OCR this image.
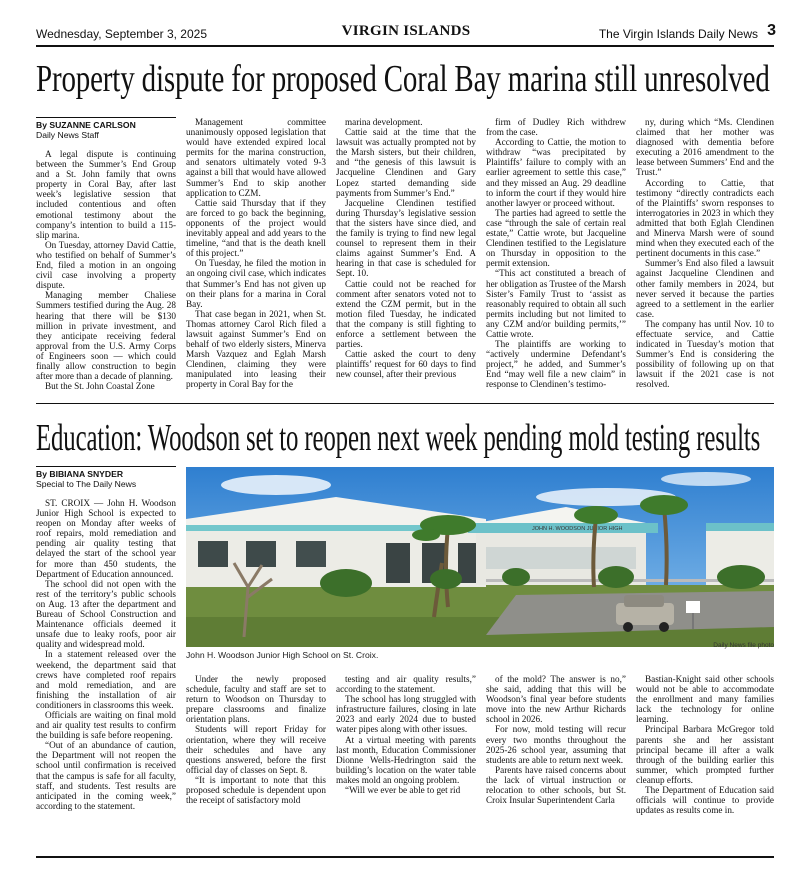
Wednesday, September 3, 2025	VIRGIN ISLANDS	The Virgin Islands Daily News 3
Property dispute for proposed Coral Bay marina still unresolved
By SUZANNE CARLSON
Daily News Staff

A legal dispute is continuing between the Summer’s End Group and a St. John family that owns property in Coral Bay, after last week’s legislative session that included contentious and often emotional testimony about the company’s intention to build a 115-slip marina.

On Tuesday, attorney David Cattie, who testified on behalf of Summer’s End, filed a motion in an ongoing civil case involving a property dispute.

Managing member Chaliese Summers testified during the Aug. 28 hearing that there will be $130 million in private investment, and they anticipate receiving federal approval from the U.S. Army Corps of Engineers soon — which could finally allow construction to begin after more than a decade of planning.

But the St. John Coastal Zone

Management committee unanimously opposed legislation that would have extended expired local permits for the marina construction, and senators ultimately voted 9-3 against a bill that would have allowed Summer’s End to skip another application to CZM.

Cattie said Thursday that if they are forced to go back the beginning, opponents of the project would inevitably appeal and add years to the timeline, “and that is the death knell of this project.”

On Tuesday, he filed the motion in an ongoing civil case, which indicates that Summer’s End has not given up on their plans for a marina in Coral Bay.

That case began in 2021, when St. Thomas attorney Carol Rich filed a lawsuit against Summer’s End on behalf of two elderly sisters, Minerva Marsh Vazquez and Eglah Marsh Clendinen, claiming they were manipulated into leasing their property in Coral Bay for the

marina development.

Cattie said at the time that the lawsuit was actually prompted not by the Marsh sisters, but their children, and “the genesis of this lawsuit is Jacqueline Clendinen and Gary Lopez started demanding side payments from Summer’s End.”

Jacqueline Clendinen testified during Thursday’s legislative session that the sisters have since died, and the family is trying to find new legal counsel to represent them in their claims against Summer’s End. A hearing in that case is scheduled for Sept. 10.

Cattie could not be reached for comment after senators voted not to extend the CZM permit, but in the motion filed Tuesday, he indicated that the company is still fighting to enforce a settlement between the parties.

Cattie asked the court to deny plaintiffs’ request for 60 days to find new counsel, after their previous

firm of Dudley Rich withdrew from the case.

According to Cattie, the motion to withdraw “was precipitated by Plaintiffs’ failure to comply with an earlier agreement to settle this case,” and they missed an Aug. 29 deadline to inform the court if they would hire another lawyer or proceed without.

The parties had agreed to settle the case “through the sale of certain real estate,” Cattie wrote, but Jacqueline Clendinen testified to the Legislature on Thursday in opposition to the permit extension.

“This act constituted a breach of her obligation as Trustee of the Marsh Sister’s Family Trust to ‘assist as reasonably required to obtain all such permits including but not limited to any CZM and/or building permits,’” Cattie wrote.

The plaintiffs are working to “actively undermine Defendant’s project,” he added, and Summer’s End “may well file a new claim” in response to Clendinen’s testimo-

ny, during which “Ms. Clendinen claimed that her mother was diagnosed with dementia before executing a 2016 amendment to the lease between Summers’ End and the Trust.”

According to Cattie, that testimony “directly contradicts each of the Plaintiffs’ sworn responses to interrogatories in 2023 in which they admitted that both Eglah Clendinen and Minerva Marsh were of sound mind when they executed each of the pertinent documents in this case.”

Summer’s End also filed a lawsuit against Jacqueline Clendinen and other family members in 2024, but never served it because the parties agreed to a settlement in the earlier case.

The company has until Nov. 10 to effectuate service, and Cattie indicated in Tuesday’s motion that Summer’s End is considering the possibility of following up on that lawsuit if the 2021 case is not resolved.

Education: Woodson set to reopen next week pending mold testing results
By BIBIANA SNYDER
Special to The Daily News

ST. CROIX — John H. Woodson Junior High School is expected to reopen on Monday after weeks of roof repairs, mold remediation and pending air quality testing that delayed the start of the school year for more than 450 students, the Department of Education announced.

The school did not open with the rest of the territory’s public schools on Aug. 13 after the department and Bureau of School Construction and Maintenance officials deemed it unsafe due to leaky roofs, poor air quality and widespread mold.

In a statement released over the weekend, the department said that crews have completed roof repairs and mold remediation, and are finishing the installation of air conditioners in classrooms this week.

Officials are waiting on final mold and air quality test results to confirm the building is safe before reopening.

“Out of an abundance of caution, the Department will not reopen the school until confirmation is received that the campus is safe for all faculty, staff, and students. Test results are anticipated in the coming week,” according to the statement.

JOHN H. WOODSON JUNIOR HIGH
Daily News file photo
John H. Woodson Junior High School on St. Croix.

Under the newly proposed schedule, faculty and staff are set to return to Woodson on Thursday to prepare classrooms and finalize orientation plans.

Students will report Friday for orientation, where they will receive their schedules and have any questions answered, before the first official day of classes on Sept. 8.

“It is important to note that this proposed schedule is dependent upon the receipt of satisfactory mold

testing and air quality results,” according to the statement.

The school has long struggled with infrastructure failures, closing in late 2023 and early 2024 due to busted water pipes along with other issues.

At a virtual meeting with parents last month, Education Commissioner Dionne Wells-Hedrington said the building’s location on the water table makes mold an ongoing problem.

“Will we ever be able to get rid

of the mold? The answer is no,” she said, adding that this will be Woodson’s final year before students move into the new Arthur Richards school in 2026.

For now, mold testing will recur every two months throughout the 2025-26 school year, assuming that students are able to return next week.

Parents have raised concerns about the lack of virtual instruction or relocation to other schools, but St. Croix Insular Superintendent Carla

Bastian-Knight said other schools would not be able to accommodate the enrollment and many families lack the technology for online learning.

Principal Barbara McGregor told parents she and her assistant principal became ill after a walk through of the building earlier this summer, which prompted further cleanup efforts.

The Department of Education said officials will continue to provide updates as results come in.
